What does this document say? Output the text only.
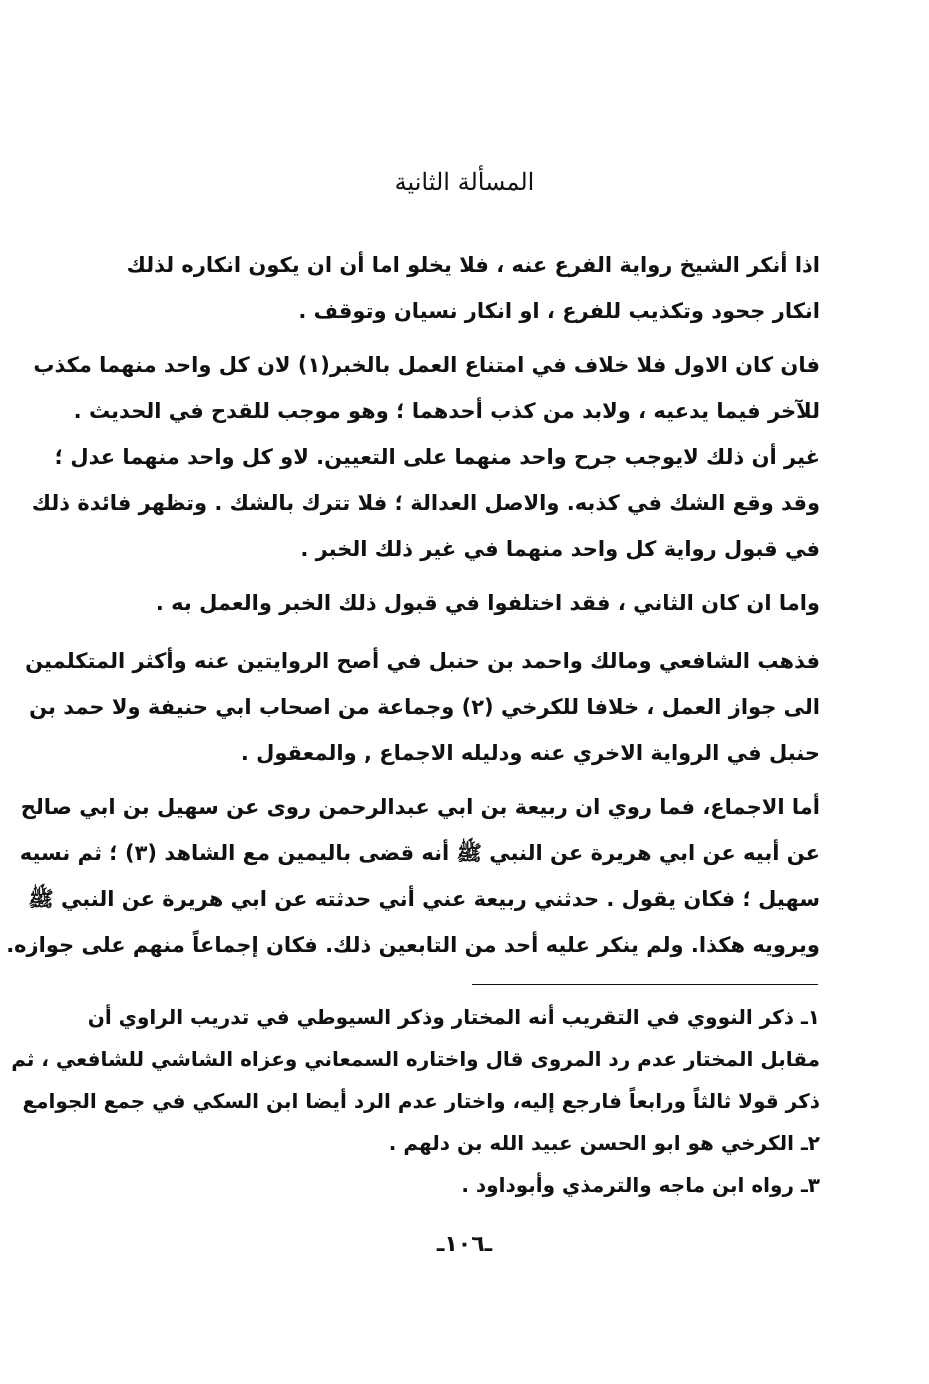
المسألة الثانية
اذا أنكر الشيخ رواية الفرع عنه ، فلا يخلو اما أن ان يكون انكاره لذلك
انكار جحود وتكذيب للفرع ، او انكار نسيان وتوقف .
فان كان الاول فلا خلاف في امتناع العمل بالخبر(١) لان كل واحد منهما مكذب
للآخر فيما يدعيه ، ولابد من كذب أحدهما ؛ وهو موجب للقدح في الحديث .
غير أن ذلك لايوجب جرح واحد منهما على التعيين. لاو كل واحد منهما عدل ؛
وقد وقع الشك في كذبه. والاصل العدالة ؛ فلا تترك بالشك . وتظهر فائدة ذلك
في قبول رواية كل واحد منهما في غير ذلك الخبر .
واما ان كان الثاني ، فقد اختلفوا في قبول ذلك الخبر والعمل به .
فذهب الشافعي ومالك واحمد بن حنبل في أصح الروايتين عنه وأكثر المتكلمين
الى جواز العمل ، خلافا للكرخي (٢) وجماعة من اصحاب ابي حنيفة ولا حمد بن
حنبل في الرواية الاخري عنه ودليله الاجماع , والمعقول .
أما الاجماع، فما روي ان ربيعة بن ابي عبدالرحمن روى عن سهيل بن ابي صالح
عن أبيه عن ابي هريرة عن النبي ﷺ أنه قضى باليمين مع الشاهد (٣) ؛ ثم نسيه
سهيل ؛ فكان يقول . حدثني ربيعة عني أني حدثته عن ابي هريرة عن النبي ﷺ
ويرويه هكذا. ولم ينكر عليه أحد من التابعين ذلك. فكان إجماعاً منهم على جوازه.
١ـ ذكر النووي في التقريب أنه المختار وذكر السيوطي في تدريب الراوي أن
مقابل المختار عدم رد المروى قال واختاره السمعاني وعزاه الشاشي للشافعي ، ثم
ذكر قولا ثالثاً ورابعاً فارجع إليه، واختار عدم الرد أيضا ابن السكي في جمع الجوامع
٢ـ الكرخي هو ابو الحسن عبيد الله بن دلهم .
٣ـ رواه ابن ماجه والترمذي وأبوداود .
ـ١٠٦ـ
